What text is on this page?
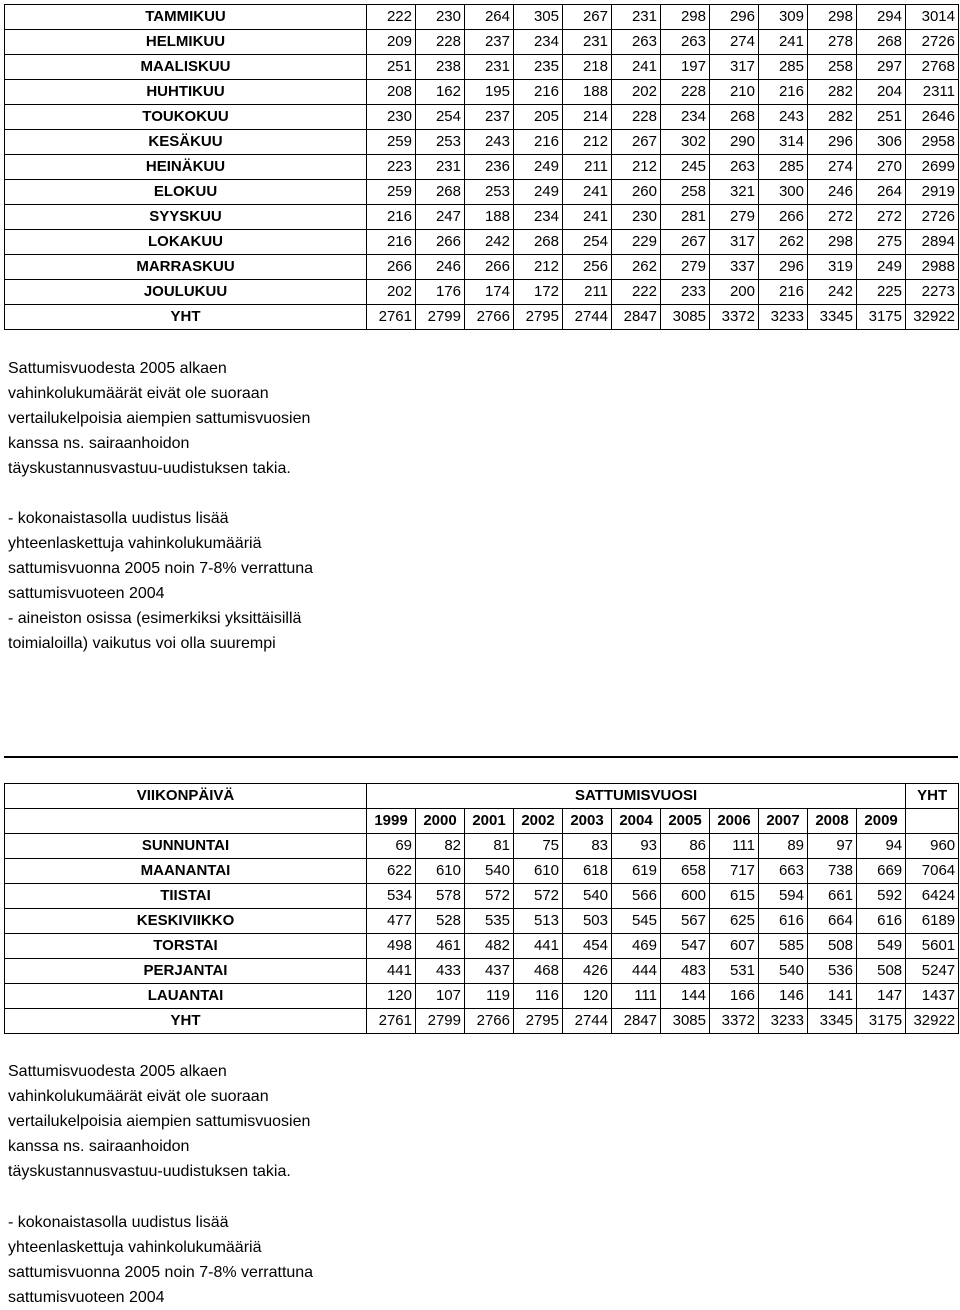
TAMMIKUU	222	230	264	305	267	231	298	296	309	298	294	3014
HELMIKUU	209	228	237	234	231	263	263	274	241	278	268	2726
MAALISKUU	251	238	231	235	218	241	197	317	285	258	297	2768
HUHTIKUU	208	162	195	216	188	202	228	210	216	282	204	2311
TOUKOKUU	230	254	237	205	214	228	234	268	243	282	251	2646
KESÄKUU	259	253	243	216	212	267	302	290	314	296	306	2958
HEINÄKUU	223	231	236	249	211	212	245	263	285	274	270	2699
ELOKUU	259	268	253	249	241	260	258	321	300	246	264	2919
SYYSKUU	216	247	188	234	241	230	281	279	266	272	272	2726
LOKAKUU	216	266	242	268	254	229	267	317	262	298	275	2894
MARRASKUU	266	246	266	212	256	262	279	337	296	319	249	2988
JOULUKUU	202	176	174	172	211	222	233	200	216	242	225	2273
YHT	2761	2799	2766	2795	2744	2847	3085	3372	3233	3345	3175	32922

Sattumisvuodesta 2005 alkaen

vahinkolukumäärät eivät ole suoraan

vertailukelpoisia aiempien sattumisvuosien

kanssa ns. sairaanhoidon

täyskustannusvastuu-uudistuksen takia.

- kokonaistasolla uudistus lisää

yhteenlaskettuja vahinkolukumääriä

sattumisvuonna 2005 noin 7-8% verrattuna

sattumisvuoteen 2004

- aineiston osissa (esimerkiksi yksittäisillä

toimialoilla) vaikutus voi olla suurempi

VIIKONPÄIVÄ	SATTUMISVUOSI											YHT
	1999	2000	2001	2002	2003	2004	2005	2006	2007	2008	2009	
SUNNUNTAI	69	82	81	75	83	93	86	111	89	97	94	960
MAANANTAI	622	610	540	610	618	619	658	717	663	738	669	7064
TIISTAI	534	578	572	572	540	566	600	615	594	661	592	6424
KESKIVIIKKO	477	528	535	513	503	545	567	625	616	664	616	6189
TORSTAI	498	461	482	441	454	469	547	607	585	508	549	5601
PERJANTAI	441	433	437	468	426	444	483	531	540	536	508	5247
LAUANTAI	120	107	119	116	120	111	144	166	146	141	147	1437
YHT	2761	2799	2766	2795	2744	2847	3085	3372	3233	3345	3175	32922

Sattumisvuodesta 2005 alkaen

vahinkolukumäärät eivät ole suoraan

vertailukelpoisia aiempien sattumisvuosien

kanssa ns. sairaanhoidon

täyskustannusvastuu-uudistuksen takia.

- kokonaistasolla uudistus lisää

yhteenlaskettuja vahinkolukumääriä

sattumisvuonna 2005 noin 7-8% verrattuna

sattumisvuoteen 2004
